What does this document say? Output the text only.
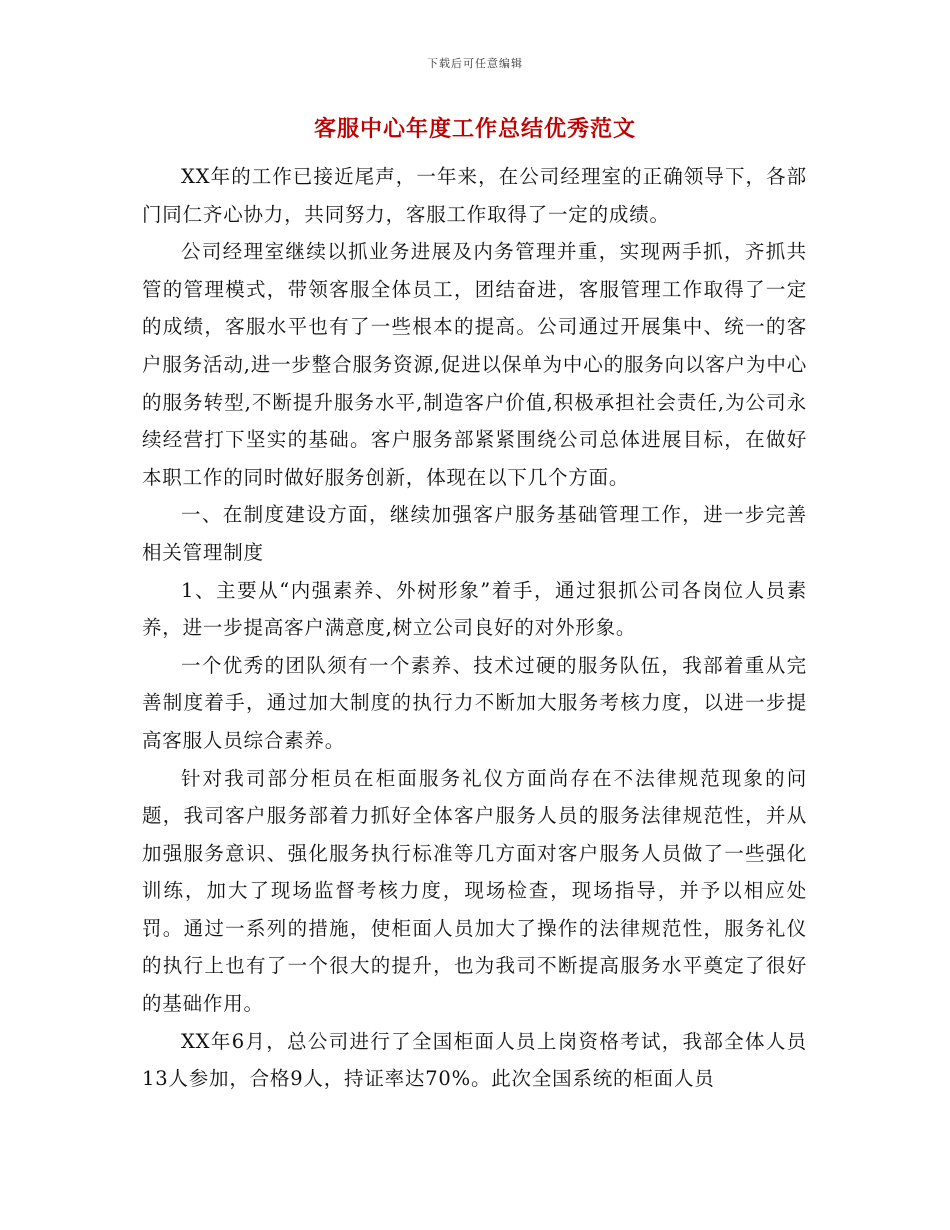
下载后可任意编辑
客服中心年度工作总结优秀范文

XX年的工作已接近尾声，一年来，在公司经理室的正确领导下，各部门同仁齐心协力，共同努力，客服工作取得了一定的成绩。

公司经理室继续以抓业务进展及内务管理并重，实现两手抓，齐抓共管的管理模式，带领客服全体员工，团结奋进，客服管理工作取得了一定的成绩，客服水平也有了一些根本的提高。公司通过开展集中、统一的客户服务活动,进一步整合服务资源,促进以保单为中心的服务向以客户为中心的服务转型,不断提升服务水平,制造客户价值,积极承担社会责任,为公司永续经营打下坚实的基础。客户服务部紧紧围绕公司总体进展目标，在做好本职工作的同时做好服务创新，体现在以下几个方面。

一、在制度建设方面，继续加强客户服务基础管理工作，进一步完善相关管理制度

1、主要从“内强素养、外树形象”着手，通过狠抓公司各岗位人员素养，进一步提高客户满意度,树立公司良好的对外形象。

一个优秀的团队须有一个素养、技术过硬的服务队伍，我部着重从完善制度着手，通过加大制度的执行力不断加大服务考核力度，以进一步提高客服人员综合素养。

针对我司部分柜员在柜面服务礼仪方面尚存在不法律规范现象的问题，我司客户服务部着力抓好全体客户服务人员的服务法律规范性，并从加强服务意识、强化服务执行标准等几方面对客户服务人员做了一些强化训练，加大了现场监督考核力度，现场检查，现场指导，并予以相应处罚。通过一系列的措施，使柜面人员加大了操作的法律规范性，服务礼仪的执行上也有了一个很大的提升，也为我司不断提高服务水平奠定了很好的基础作用。

XX年6月，总公司进行了全国柜面人员上岗资格考试，我部全体人员13人参加，合格9人，持证率达70%。此次全国系统的柜面人员
